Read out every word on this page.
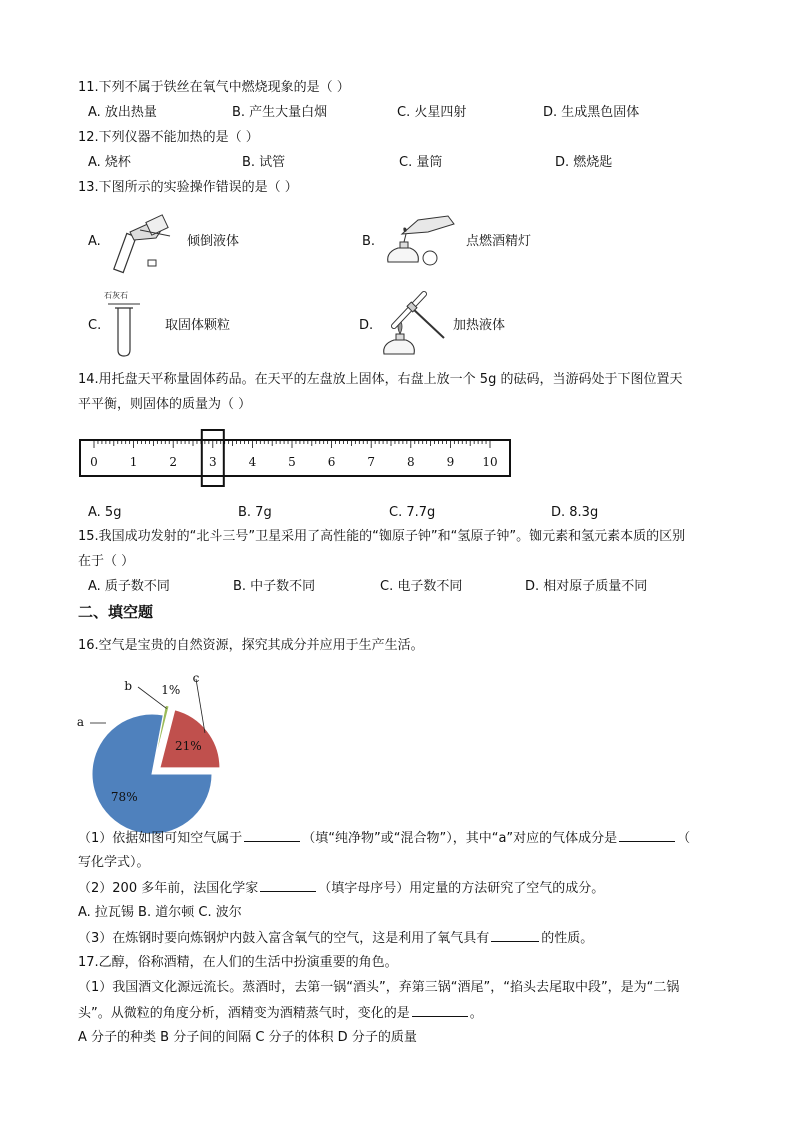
11.下列不属于铁丝在氧气中燃烧现象的是（ ）
A. 放出热量	B. 产生大量白烟	C. 火星四射	D. 生成黑色固体
12.下列仪器不能加热的是（ ）
A. 烧杯	B. 试管	C. 量筒	D. 燃烧匙
13.下图所示的实验操作错误的是（ ）
A.	倾倒液体	B.	点燃酒精灯
C.
石灰石
取固体颗粒	D.	加热液体
14.用托盘天平称量固体药品。在天平的左盘放上固体，右盘上放一个 5g 的砝码，当游码处于下图位置天
平平衡，则固体的质量为（ ）
0	1	2	3	4	5	6	7	8	9 10
A. 5g	B. 7g	C. 7.7g	D. 8.3g
15.我国成功发射的“北斗三号”卫星采用了高性能的“铷原子钟”和“氢原子钟”。铷元素和氢元素本质的区别
在于（ ）
A. 质子数不同	B. 中子数不同	C. 电子数不同	D. 相对原子质量不同
二、填空题
16.空气是宝贵的自然资源，探究其成分并应用于生产生活。
78%
1%
21%
a
b
c
（1）依据如图可知空气属于	（填“纯净物”或“混合物”），其中“a”对应的气体成分是	（
写化学式）。
（2）200 多年前，法国化学家	（填字母序号）用定量的方法研究了空气的成分。
A. 拉瓦锡 B. 道尔顿 C. 波尔
（3）在炼钢时要向炼钢炉内鼓入富含氧气的空气，这是利用了氧气具有	的性质。
17.乙醇，俗称酒精，在人们的生活中扮演重要的角色。
（1）我国酒文化源远流长。蒸酒时，去第一锅“酒头”，弃第三锅“酒尾”，“掐头去尾取中段”，是为“二锅
头”。从微粒的角度分析，酒精变为酒精蒸气时，变化的是	。
A 分子的种类 B 分子间的间隔 C 分子的体积 D 分子的质量
